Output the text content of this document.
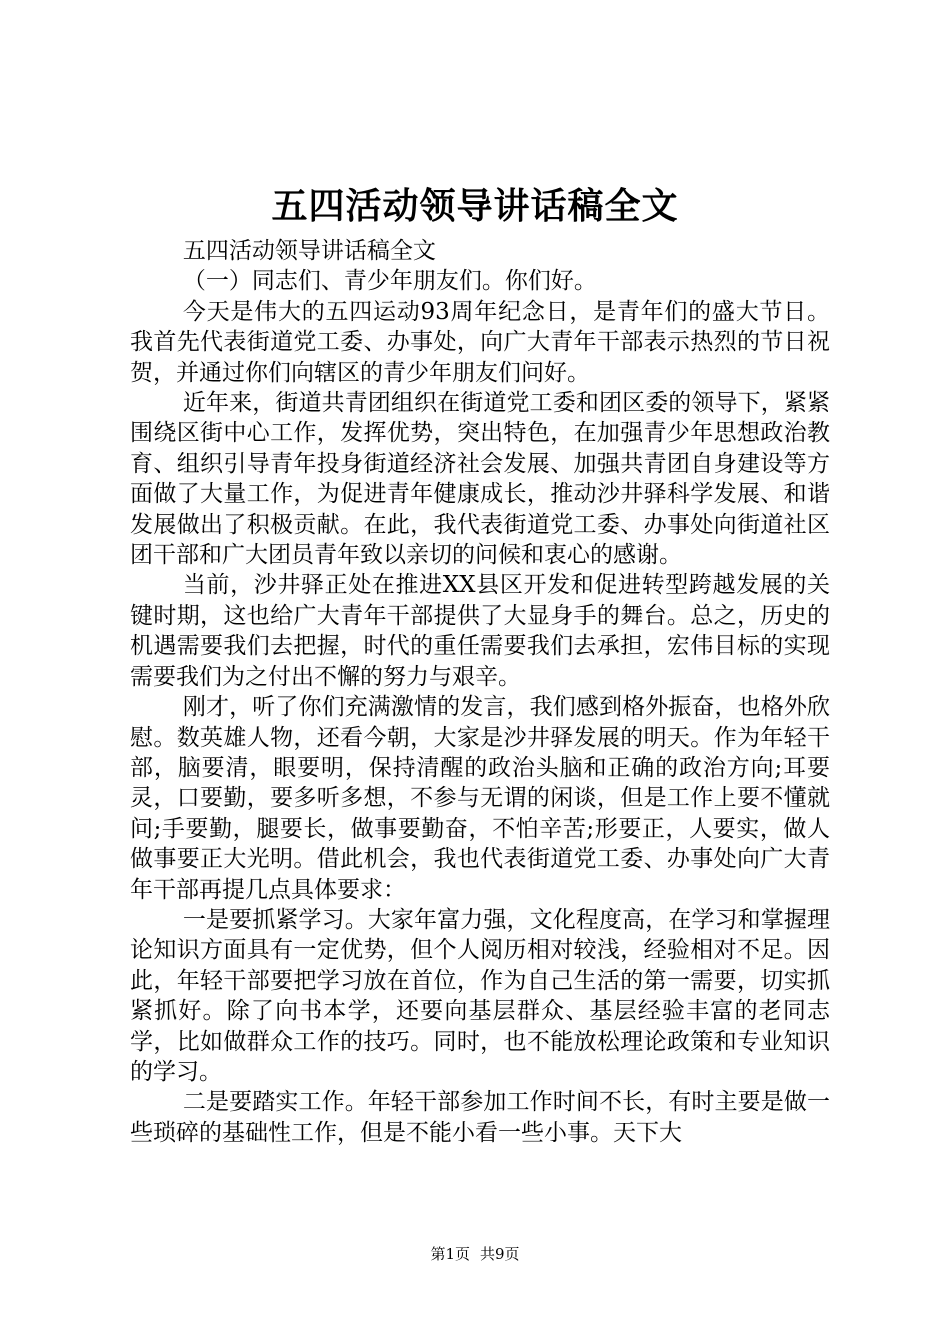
五四活动领导讲话稿全文

五四活动领导讲话稿全文

（一）同志们、青少年朋友们。你们好。

今天是伟大的五四运动93周年纪念日，是青年们的盛大节日。我首先代表街道党工委、办事处，向广大青年干部表示热烈的节日祝贺，并通过你们向辖区的青少年朋友们问好。

近年来，街道共青团组织在街道党工委和团区委的领导下，紧紧围绕区街中心工作，发挥优势，突出特色，在加强青少年思想政治教育、组织引导青年投身街道经济社会发展、加强共青团自身建设等方面做了大量工作，为促进青年健康成长，推动沙井驿科学发展、和谐发展做出了积极贡献。在此，我代表街道党工委、办事处向街道社区团干部和广大团员青年致以亲切的问候和衷心的感谢。

当前，沙井驿正处在推进XX县区开发和促进转型跨越发展的关键时期，这也给广大青年干部提供了大显身手的舞台。总之，历史的机遇需要我们去把握，时代的重任需要我们去承担，宏伟目标的实现需要我们为之付出不懈的努力与艰辛。

刚才，听了你们充满激情的发言，我们感到格外振奋，也格外欣慰。数英雄人物，还看今朝，大家是沙井驿发展的明天。作为年轻干部，脑要清，眼要明，保持清醒的政治头脑和正确的政治方向;耳要灵，口要勤，要多听多想，不参与无谓的闲谈，但是工作上要不懂就问;手要勤，腿要长，做事要勤奋，不怕辛苦;形要正，人要实，做人做事要正大光明。借此机会，我也代表街道党工委、办事处向广大青年干部再提几点具体要求：

一是要抓紧学习。大家年富力强，文化程度高，在学习和掌握理论知识方面具有一定优势，但个人阅历相对较浅，经验相对不足。因此，年轻干部要把学习放在首位，作为自己生活的第一需要，切实抓紧抓好。除了向书本学，还要向基层群众、基层经验丰富的老同志学，比如做群众工作的技巧。同时，也不能放松理论政策和专业知识的学习。

二是要踏实工作。年轻干部参加工作时间不长，有时主要是做一些琐碎的基础性工作，但是不能小看一些小事。天下大

第1页 共9页
